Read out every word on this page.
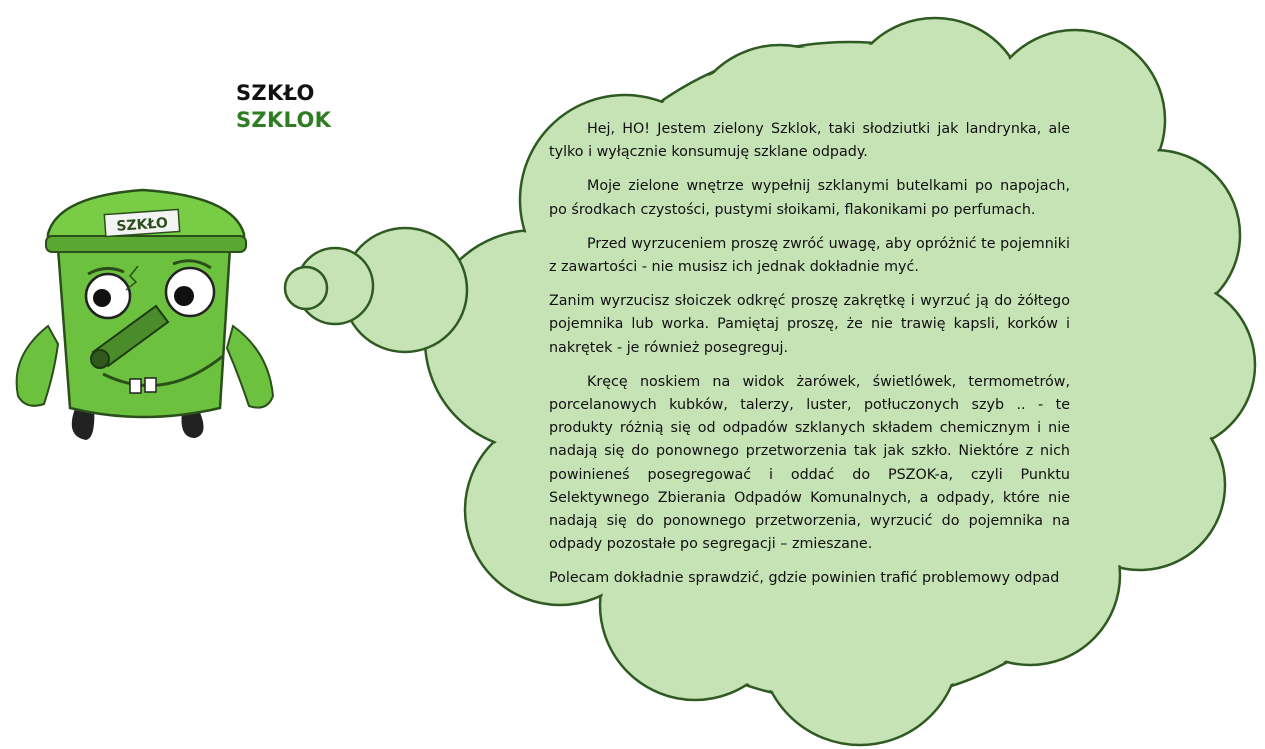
SZKŁO
SZKLOK
SZKŁO

Hej, HO! Jestem zielony Szklok, taki słodziutki jak landrynka, ale tylko i wyłącznie konsumuję szklane odpady.

Moje zielone wnętrze wypełnij szklanymi butelkami po napojach, po środkach czystości, pustymi słoikami, flakonikami po perfumach.

Przed wyrzuceniem proszę zwróć uwagę, aby opróżnić te pojemniki z zawartości - nie musisz ich jednak dokładnie myć.

Zanim wyrzucisz słoiczek odkręć proszę zakrętkę i wyrzuć ją do żółtego pojemnika lub worka. Pamiętaj proszę, że nie trawię kapsli, korków i nakrętek - je również posegreguj.

Kręcę noskiem na widok żarówek, świetlówek, termometrów, porcelanowych kubków, talerzy, luster, potłuczonych szyb .. - te produkty różnią się od odpadów szklanych składem chemicznym i nie nadają się do ponownego przetworzenia tak jak szkło. Niektóre z nich powinieneś posegregować i oddać do PSZOK-a, czyli Punktu Selektywnego Zbierania Odpadów Komunalnych, a odpady, które nie nadają się do ponownego przetworzenia, wyrzucić do pojemnika na odpady pozostałe po segregacji – zmieszane.

Polecam dokładnie sprawdzić, gdzie powinien trafić problemowy odpad
